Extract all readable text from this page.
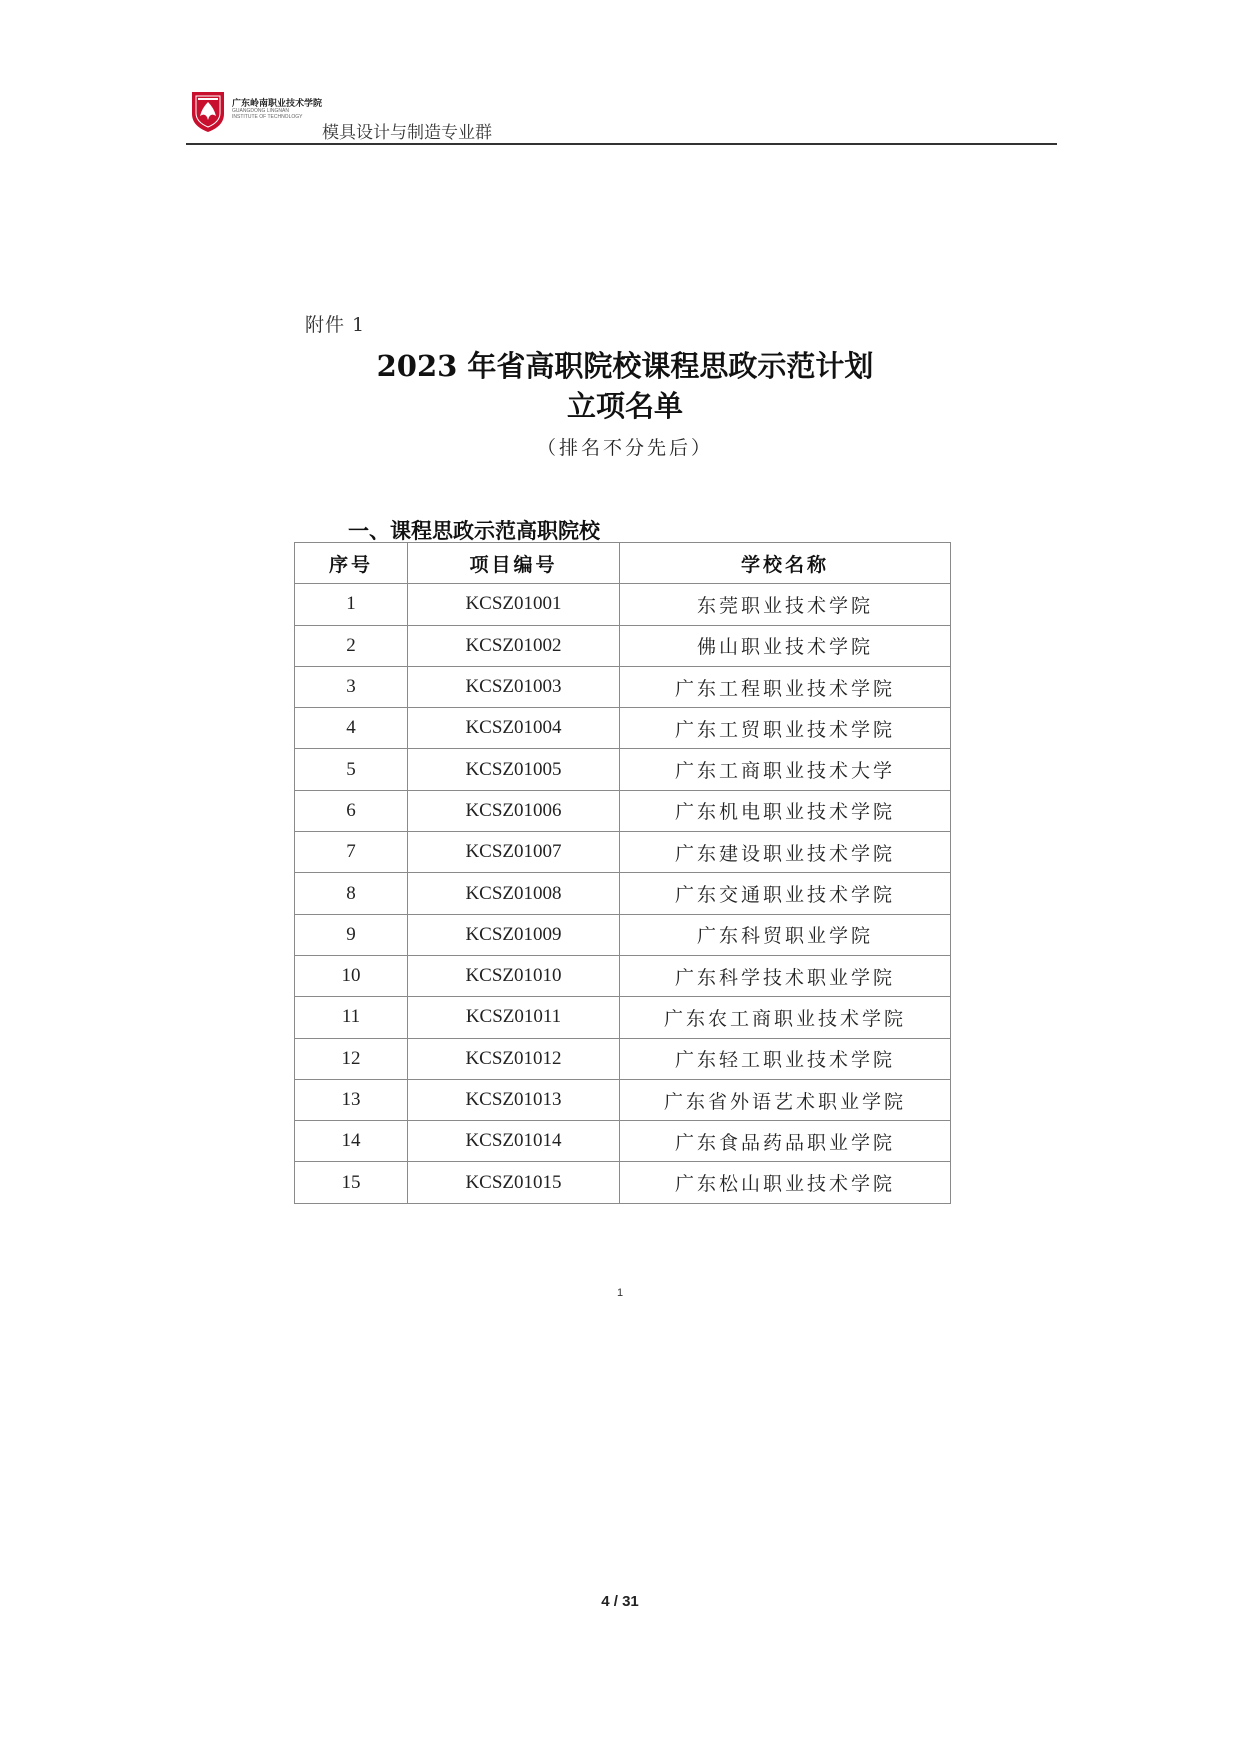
广东岭南职业技术学院
GUANGDONG LINGNAN
INSTITUTE OF TECHNOLOGY
模具设计与制造专业群
附件 1
2023 年省高职院校课程思政示范计划
立项名单
（排名不分先后）
一、课程思政示范高职院校
序号	项目编号	学校名称
1	KCSZ01001	东莞职业技术学院
2	KCSZ01002	佛山职业技术学院
3	KCSZ01003	广东工程职业技术学院
4	KCSZ01004	广东工贸职业技术学院
5	KCSZ01005	广东工商职业技术大学
6	KCSZ01006	广东机电职业技术学院
7	KCSZ01007	广东建设职业技术学院
8	KCSZ01008	广东交通职业技术学院
9	KCSZ01009	广东科贸职业学院
10	KCSZ01010	广东科学技术职业学院
11	KCSZ01011	广东农工商职业技术学院
12	KCSZ01012	广东轻工职业技术学院
13	KCSZ01013	广东省外语艺术职业学院
14	KCSZ01014	广东食品药品职业学院
15	KCSZ01015	广东松山职业技术学院
1
4 / 31
